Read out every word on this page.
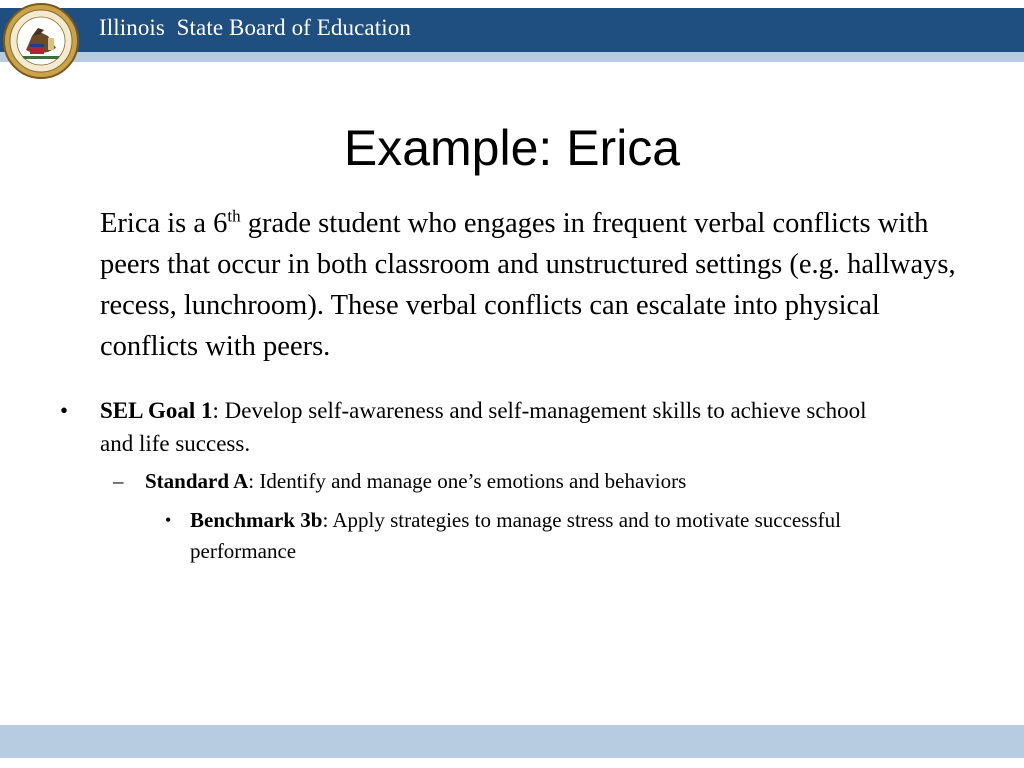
Illinois  State Board of Education
Example: Erica
Erica is a 6th grade student who engages in frequent verbal conflicts with peers that occur in both classroom and unstructured settings (e.g. hallways, recess, lunchroom). These verbal conflicts can escalate into physical conflicts with peers.
• SEL Goal 1: Develop self-awareness and self-management skills to achieve school and life success.
– Standard A: Identify and manage one’s emotions and behaviors
• Benchmark 3b: Apply strategies to manage stress and to motivate successful performance
